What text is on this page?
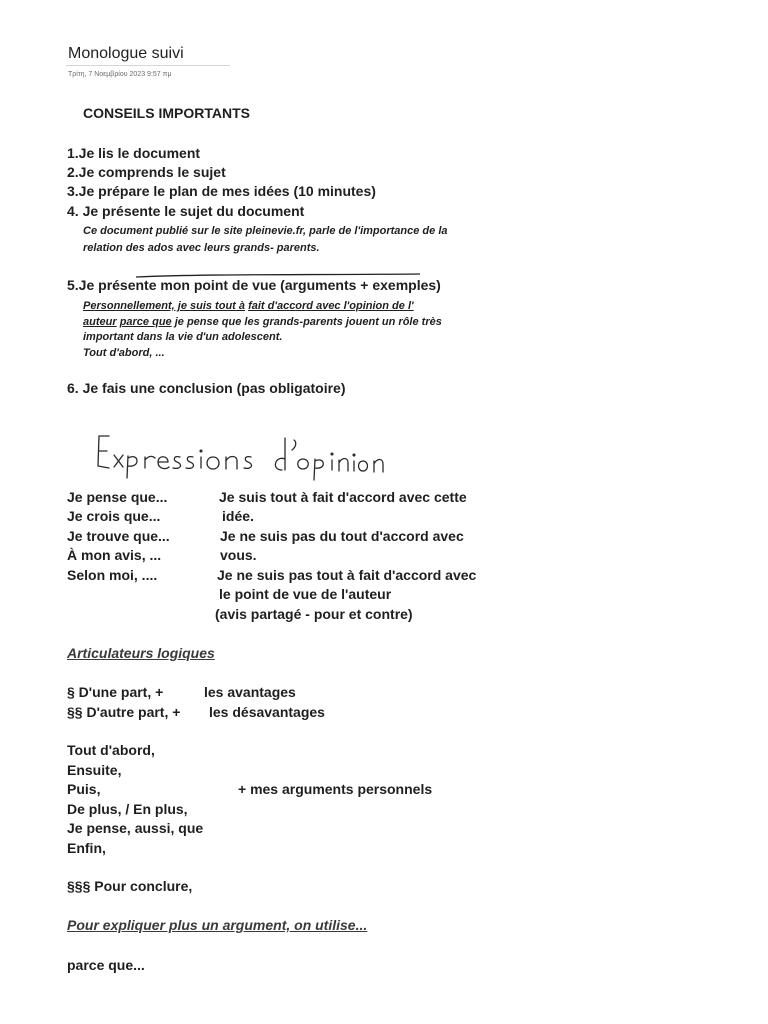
Monologue suivi
Τρίτη, 7 Νοεμβρίου 2023 9:57 πμ
CONSEILS IMPORTANTS
1.Je lis le document
2.Je comprends le sujet
3.Je prépare le plan de mes idées (10 minutes)
4. Je présente le sujet du document
Ce document publié sur le site pleinevie.fr, parle de l'importance de la
relation des ados avec leurs grands- parents.
5.Je présente mon point de vue (arguments + exemples)
Personnellement, je suis tout à fait d'accord avec l'opinion de l'
auteur parce que je pense que les grands-parents jouent un rôle très
important dans la vie d'un adolescent.
Tout d'abord, ...
6. Je fais une conclusion (pas obligatoire)
Je pense que...
Je crois que...
Je trouve que...
À mon avis, ...
Selon moi, ....
Je suis tout à fait d'accord avec cette
idée.
Je ne suis pas du tout d'accord avec
vous.
Je ne suis pas tout à fait d'accord avec
le point de vue de l'auteur
(avis partagé - pour et contre)
Articulateurs logiques
§ D'une part, +	les avantages
§§ D'autre part, + les désavantages
Tout d'abord,
Ensuite,
Puis,
De plus, / En plus,
Je pense, aussi, que
Enfin,
+ mes arguments personnels
§§§ Pour conclure,
Pour expliquer plus un argument, on utilise...
parce que...
